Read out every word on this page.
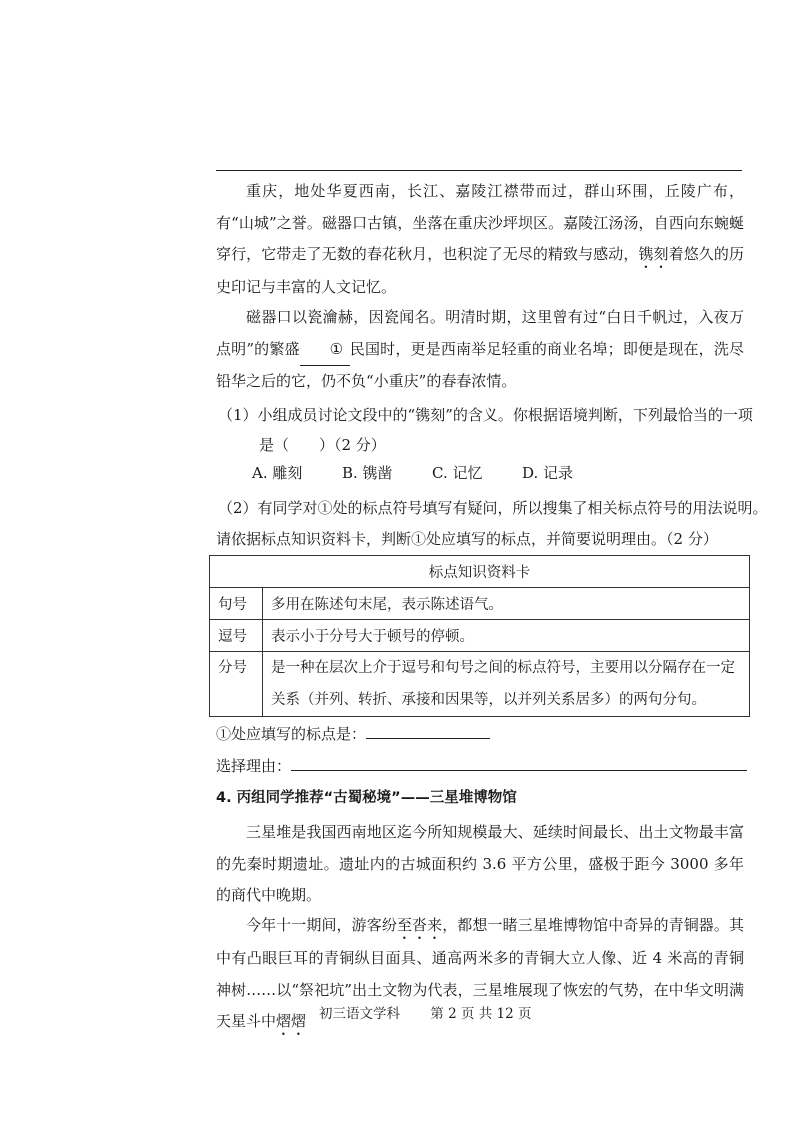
重庆，地处华夏西南，长江、嘉陵江襟带而过，群山环围，丘陵广布，有“山城”之誉。磁器口古镇，坐落在重庆沙坪坝区。嘉陵江汤汤，自西向东蜿蜒穿行，它带走了无数的春花秋月，也积淀了无尽的精致与感动，镌刻着悠久的历史印记与丰富的人文记忆。

磁器口以瓷瀹赫，因瓷闻名。明清时期，这里曾有过“白日千帆过，入夜万点明”的繁盛 ① 民国时，更是西南举足轻重的商业名埠；即便是现在，洗尽铅华之后的它，仍不负“小重庆”的春春浓情。

（1）小组成员讨论文段中的“镌刻”的含义。你根据语境判断，下列最恰当的一项
是（　　）（2 分）
A. 雕刻	B. 镌凿	C. 记忆	D. 记录
（2）有同学对①处的标点符号填写有疑问，所以搜集了相关标点符号的用法说明。
请依据标点知识资料卡，判断①处应填写的标点，并简要说明理由。（2 分）
标点知识资料卡	
句号	多用在陈述句末尾，表示陈述语气。
逗号	表示小于分号大于顿号的停顿。
分号	是一种在层次上介于逗号和句号之间的标点符号，主要用以分隔存在一定关系（并列、转折、承接和因果等，以并列关系居多）的两句分句。
①处应填写的标点是：
选择理由：
4. 丙组同学推荐“古蜀秘境”——三星堆博物馆

三星堆是我国西南地区迄今所知规模最大、延续时间最长、出土文物最丰富的先秦时期遗址。遗址内的古城面积约 3.6 平方公里，盛极于距今 3000 多年的商代中晚期。

今年十一期间，游客纷至沓来，都想一睹三星堆博物馆中奇异的青铜器。其中有凸眼巨耳的青铜纵目面具、通高两米多的青铜大立人像、近 4 米高的青铜神树……以“祭祀坑”出土文物为代表，三星堆展现了恢宏的气势，在中华文明满天星斗中熠熠 初三语文学科 第 2 页 共 12 页
